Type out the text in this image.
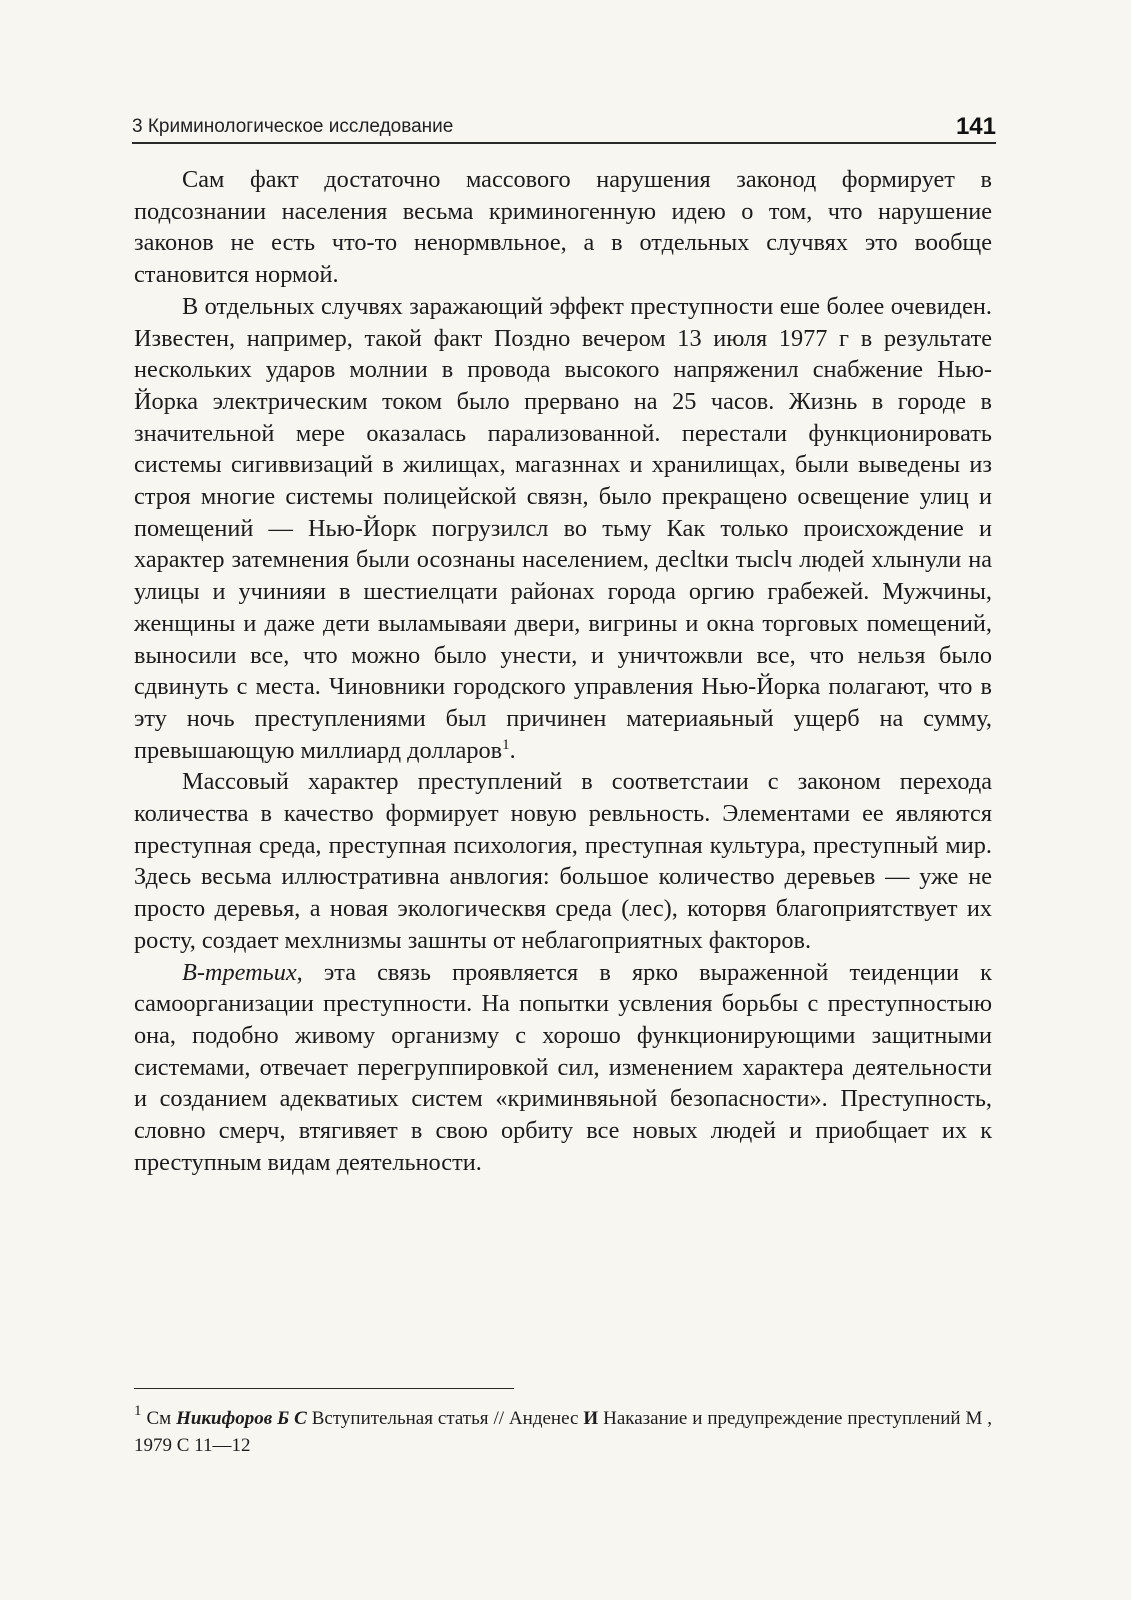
3 Криминологическое исследование	141

Сам факт достаточно массового нарушения законод формирует в подсознании населения весьма криминогенную идею о том, что нарушение законов не есть что-то ненормвльное, а в отдельных случвях это вообще становится нормой.

В отдельных случвях заражающий эффект преступности еше более очевиден. Известен, например, такой факт Поздно вечером 13 июля 1977 г в результате нескольких ударов молнии в провода высокого напряженил снабжение Нью-Йорка электрическим током было прервано на 25 часов. Жизнь в городе в значительной мере оказалась парализованной. перестали функционировать системы сигиввизаций в жилищах, магазннах и хранилищах, были выведены из строя многие системы полицейской связн, было прекращено освещение улиц и помещений — Нью-Йорк погрузилсл во тьму Как только происхождение и характер затемнения были осознаны населением, десltки тысlч людей хлынули на улицы и учинияи в шестиелцати районах города оргию грабежей. Мужчины, женщины и даже дети выламываяи двери, вигрины и окна торговых помещений, выносили все, что можно было унести, и уничтожвли все, что нельзя было сдвинуть с места. Чиновники городского управления Нью-Йорка полагают, что в эту ночь преступлениями был причинен материаяьный ущерб на сумму, превышающую миллиард долларов$^1$.

Массовый характер преступлений в соответстаии с законом перехода количества в качество формирует новую ревльность. Элементами ее являются преступная среда, преступная психология, преступная культура, преступный мир. Здесь весьма иллюстративна анвлогия: большое количество деревьев — уже не просто деревья, а новая экологическвя среда (лес), которвя благоприятствует их росту, создает мехлнизмы зашнты от неблагоприятных факторов.

В-третьих, эта связь проявляется в ярко выраженной теиденции к самоорганизации преступности. На попытки усвления борьбы с преступностыю она, подобно живому организму с хорошо функционирующими защитными системами, отвечает перегруппировкой сил, изменением характера деятельности и созданием адекватиых систем «криминвяьной безопасности». Преступность, словно смерч, втягивяет в свою орбиту все новых людей и приобщает их к преступным видам деятельности.

$^1$ См Никифоров Б С Вступительная статья // Анденес И Наказание и предупреждение преступлений М , 1979 С 11—12
